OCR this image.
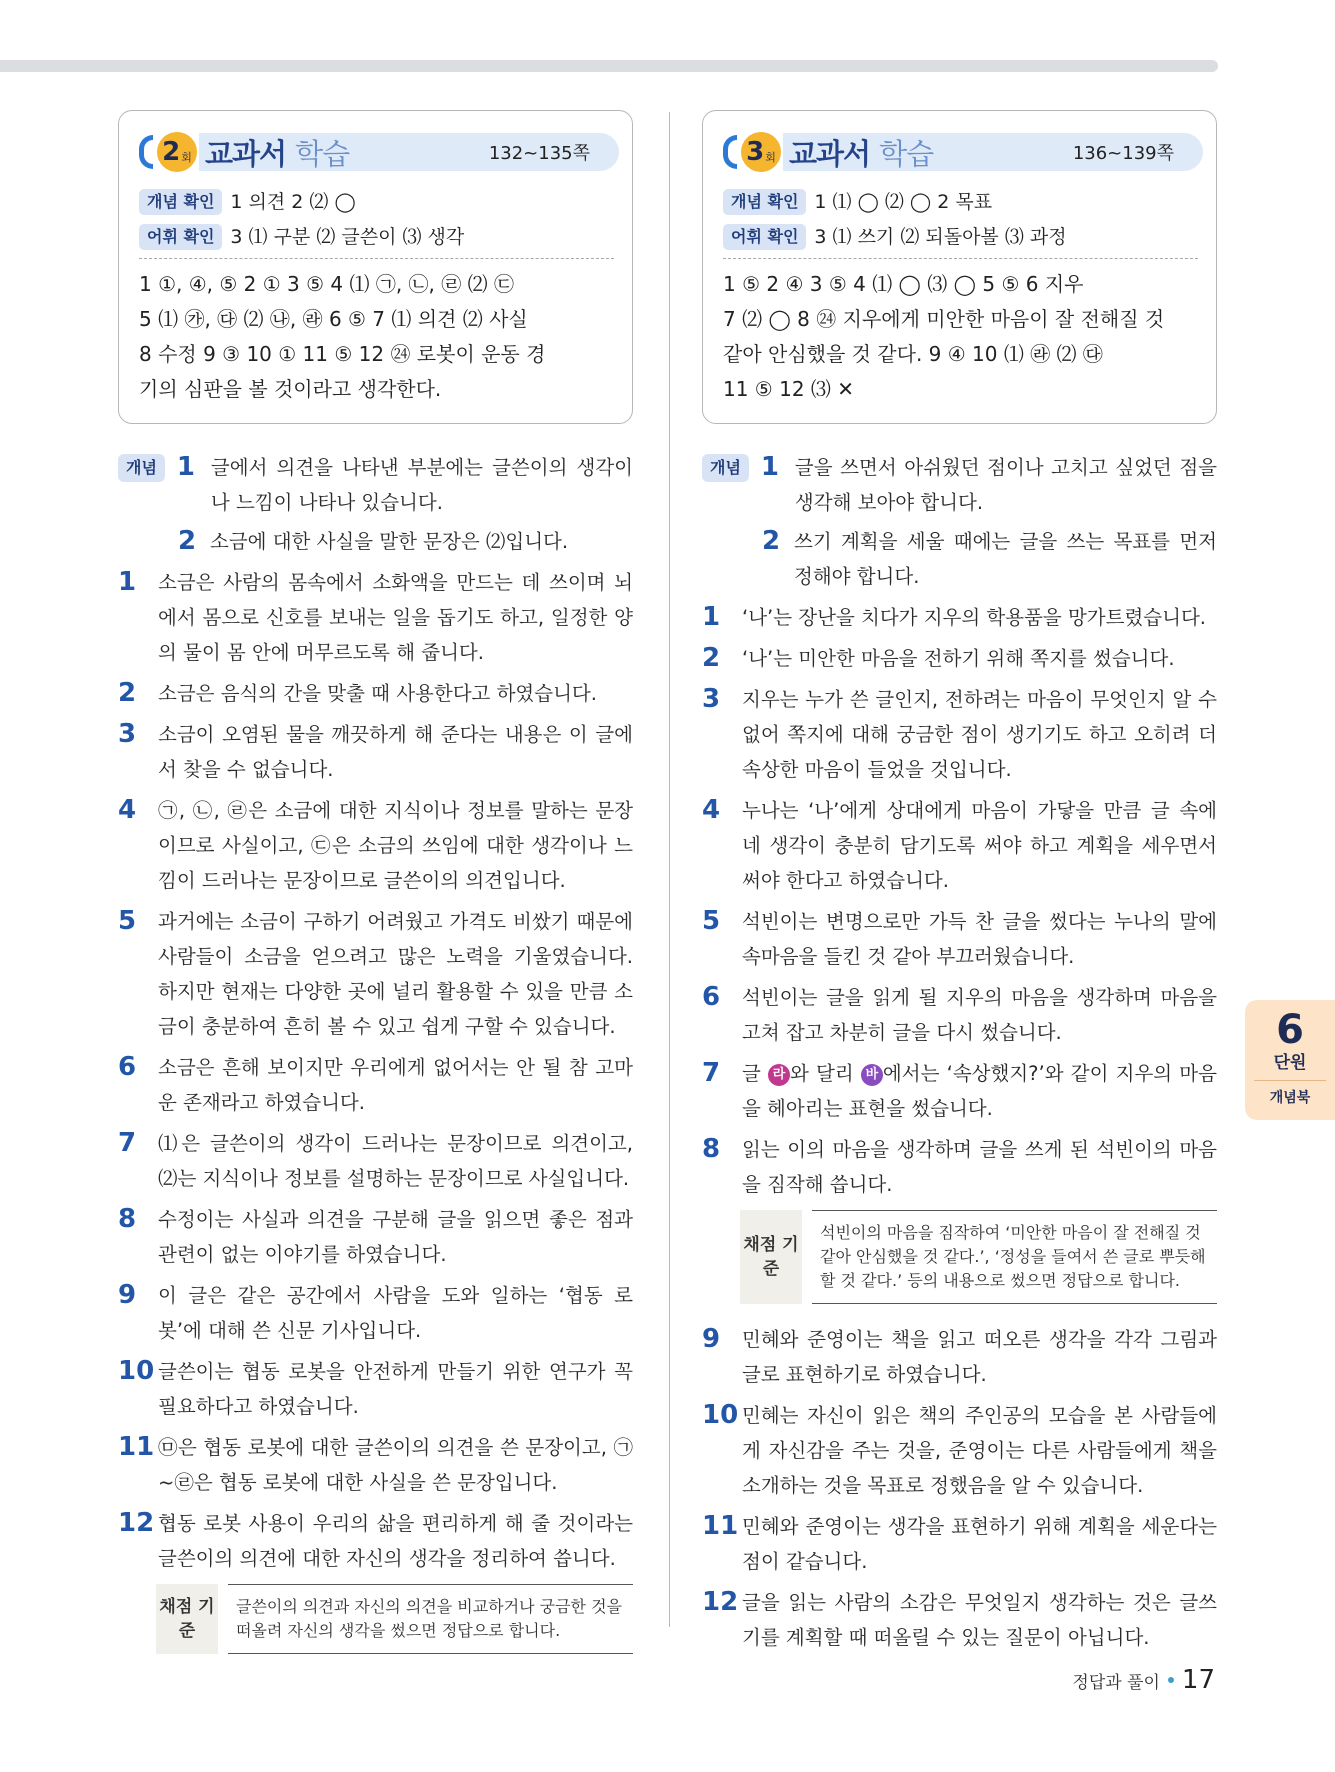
2 회 교과서 학습	132~135쪽
개념 확인 1 의견 2 ⑵ ◯
어휘 확인 3 ⑴ 구분 ⑵ 글쓴이 ⑶ 생각
1 ①, ④, ⑤ 2 ① 3 ⑤ 4 ⑴ ㉠, ㉡, ㉣ ⑵ ㉢
5 ⑴ ㉮, ㉰ ⑵ ㉯, ㉱ 6 ⑤ 7 ⑴ 의견 ⑵ 사실
8 수정 9 ③ 10 ① 11 ⑤ 12 ㉔ 로봇이 운동 경
기의 심판을 볼 것이라고 생각한다.
개념 1 글에서 의견을 나타낸 부분에는 글쓴이의 생각이 나 느낌이 나타나 있습니다.
2 소금에 대한 사실을 말한 문장은 ⑵입니다.
1	소금은 사람의 몸속에서 소화액을 만드는 데 쓰이며 뇌에서 몸으로 신호를 보내는 일을 돕기도 하고, 일정한 양의 물이 몸 안에 머무르도록 해 줍니다.
2	소금은 음식의 간을 맞출 때 사용한다고 하였습니다.
3	소금이 오염된 물을 깨끗하게 해 준다는 내용은 이 글에서 찾을 수 없습니다.
4	㉠, ㉡, ㉣은 소금에 대한 지식이나 정보를 말하는 문장이므로 사실이고, ㉢은 소금의 쓰임에 대한 생각이나 느낌이 드러나는 문장이므로 글쓴이의 의견입니다.
5	과거에는 소금이 구하기 어려웠고 가격도 비쌌기 때문에 사람들이 소금을 얻으려고 많은 노력을 기울였습니다. 하지만 현재는 다양한 곳에 널리 활용할 수 있을 만큼 소금이 충분하여 흔히 볼 수 있고 쉽게 구할 수 있습니다.
6	소금은 흔해 보이지만 우리에게 없어서는 안 될 참 고마운 존재라고 하였습니다.
7	⑴은 글쓴이의 생각이 드러나는 문장이므로 의견이고, ⑵는 지식이나 정보를 설명하는 문장이므로 사실입니다.
8	수정이는 사실과 의견을 구분해 글을 읽으면 좋은 점과 관련이 없는 이야기를 하였습니다.
9	이 글은 같은 공간에서 사람을 도와 일하는 ‘협동 로봇’에 대해 쓴 신문 기사입니다.
10 글쓴이는 협동 로봇을 안전하게 만들기 위한 연구가 꼭 필요하다고 하였습니다.
11 ㉤은 협동 로봇에 대한 글쓴이의 의견을 쓴 문장이고, ㉠~㉣은 협동 로봇에 대한 사실을 쓴 문장입니다.
12 협동 로봇 사용이 우리의 삶을 편리하게 해 줄 것이라는 글쓴이의 의견에 대한 자신의 생각을 정리하여 씁니다.
채점 기준
글쓴이의 의견과 자신의 의견을 비교하거나 궁금한 것을 떠올려 자신의 생각을 썼으면 정답으로 합니다.
3 회 교과서 학습	136~139쪽
개념 확인 1 ⑴ ◯ ⑵ ◯ 2 목표
어휘 확인 3 ⑴ 쓰기 ⑵ 되돌아볼 ⑶ 과정
1 ⑤ 2 ④ 3 ⑤ 4 ⑴ ◯ ⑶ ◯ 5 ⑤ 6 지우
7 ⑵ ◯ 8 ㉔ 지우에게 미안한 마음이 잘 전해질 것
같아 안심했을 것 같다. 9 ④ 10 ⑴ ㉱ ⑵ ㉰
11 ⑤ 12 ⑶ ✕
개념 1 글을 쓰면서 아쉬웠던 점이나 고치고 싶었던 점을 생각해 보아야 합니다.
2 쓰기 계획을 세울 때에는 글을 쓰는 목표를 먼저 정해야 합니다.
1	‘나’는 장난을 치다가 지우의 학용품을 망가트렸습니다.
2	‘나’는 미안한 마음을 전하기 위해 쪽지를 썼습니다.
3	지우는 누가 쓴 글인지, 전하려는 마음이 무엇인지 알 수 없어 쪽지에 대해 궁금한 점이 생기기도 하고 오히려 더 속상한 마음이 들었을 것입니다.
4	누나는 ‘나’에게 상대에게 마음이 가닿을 만큼 글 속에 네 생각이 충분히 담기도록 써야 하고 계획을 세우면서 써야 한다고 하였습니다.
5	석빈이는 변명으로만 가득 찬 글을 썼다는 누나의 말에 속마음을 들킨 것 같아 부끄러웠습니다.
6	석빈이는 글을 읽게 될 지우의 마음을 생각하며 마음을 고쳐 잡고 차분히 글을 다시 썼습니다.
7	글 라 와 달리 바 에서는 ‘속상했지?’와 같이 지우의 마음을 헤아리는 표현을 썼습니다.
8	읽는 이의 마음을 생각하며 글을 쓰게 된 석빈이의 마음을 짐작해 씁니다.
채점 기준
석빈이의 마음을 짐작하여 ‘미안한 마음이 잘 전해질 것 같아 안심했을 것 같다.’, ‘정성을 들여서 쓴 글로 뿌듯해할 것 같다.’ 등의 내용으로 썼으면 정답으로 합니다.
9	민혜와 준영이는 책을 읽고 떠오른 생각을 각각 그림과 글로 표현하기로 하였습니다.
10 민혜는 자신이 읽은 책의 주인공의 모습을 본 사람들에게 자신감을 주는 것을, 준영이는 다른 사람들에게 책을 소개하는 것을 목표로 정했음을 알 수 있습니다.
11 민혜와 준영이는 생각을 표현하기 위해 계획을 세운다는 점이 같습니다.
12 글을 읽는 사람의 소감은 무엇일지 생각하는 것은 글쓰기를 계획할 때 떠올릴 수 있는 질문이 아닙니다.
6
단원
개념북
정답과 풀이 17
